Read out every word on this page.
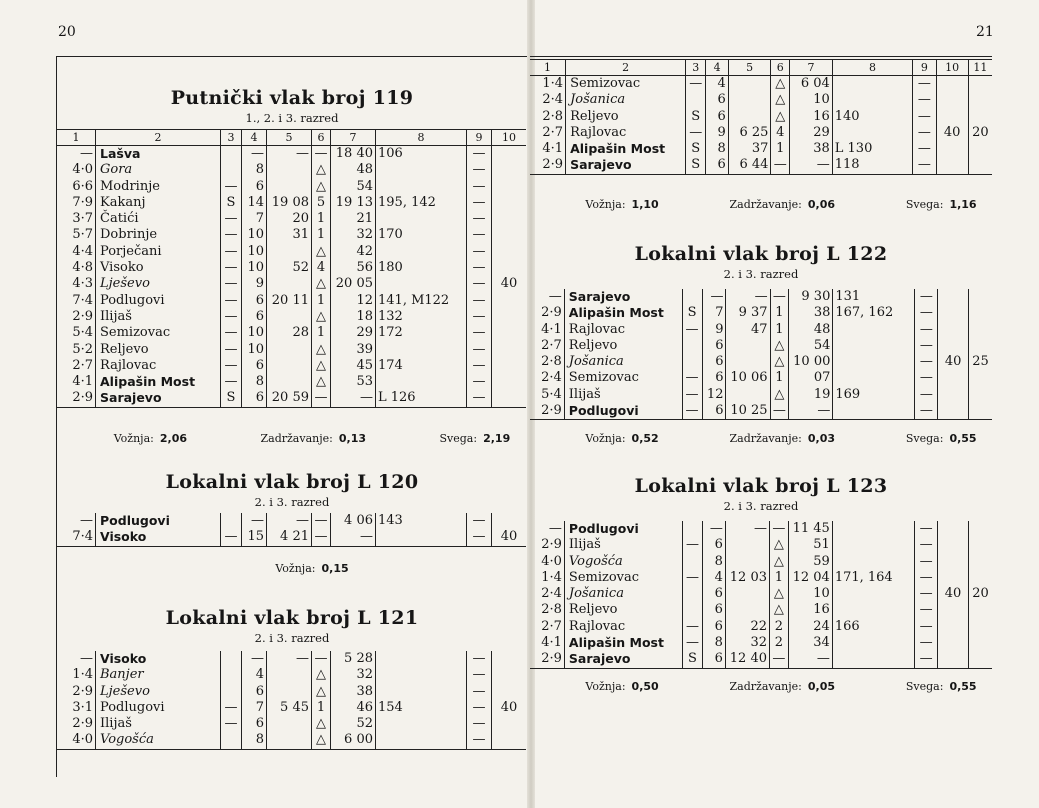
20	21
Putnički vlak broj 119
1., 2. i 3. razred
1	2	3	4	5	6	7	8	9	10
—	Lašva		—	—	—	18 40	106	—	
4·0	Gora		8		△	48		—	
6·6	Modrinje	—	6		△	54		—	
7·9	Kakanj	S	14	19 08	5	19 13	195, 142	—	
3·7	Čatići	—	7	20	1	21		—	
5·7	Dobrinje	—	10	31	1	32	170	—	
4·4	Porječani	—	10		△	42		—	
4·8	Visoko	—	10	52	4	56	180	—	
4·3	Lješevo	—	9		△	20 05		—	40
7·4	Podlugovi	—	6	20 11	1	12	141, M122	—	
2·9	Ilijaš	—	6		△	18	132	—	
5·4	Semizovac	—	10	28	1	29	172	—	
5·2	Reljevo	—	10		△	39		—	
2·7	Rajlovac	—	6		△	45	174	—	
4·1	Alipašin Most	—	8		△	53		—	
2·9	Sarajevo	S	6	20 59	—	—	L 126	—	
Vožnja: 2,06	Zadržavanje: 0,13	Svega: 2,19
Lokalni vlak broj L 120
2. i 3. razred
—	Podlugovi		—	—	—	4 06	143	—	
7·4	Visoko	—	15	4 21	—	—		—	40
Vožnja: 0,15
Lokalni vlak broj L 121
2. i 3. razred
—	Visoko		—	—	—	5 28		—	
1·4	Banjer		4		△	32		—	
2·9	Lješevo		6		△	38		—	
3·1	Podlugovi	—	7	5 45	1	46	154	—	40
2·9	Ilijaš	—	6		△	52		—	
4·0	Vogošća		8		△	6 00		—	
1	2	3	4	5	6	7	8	9	10	11
1·4	Semizovac	—	4		△	6 04		—		
2·4	Jošanica		6		△	10		—		
2·8	Reljevo	S	6		△	16	140	—		
2·7	Rajlovac	—	9	6 25	4	29		—	40	20
4·1	Alipašin Most	S	8	37	1	38	L 130	—		
2·9	Sarajevo	S	6	6 44	—	—	118	—		
Vožnja: 1,10	Zadržavanje: 0,06	Svega: 1,16
Lokalni vlak broj L 122
2. i 3. razred
—	Sarajevo		—	—	—	9 30	131	—		
2·9	Alipašin Most	S	7	9 37	1	38	167, 162	—		
4·1	Rajlovac	—	9	47	1	48		—		
2·7	Reljevo		6		△	54		—		
2·8	Jošanica		6		△	10 00		—	40	25
2·4	Semizovac	—	6	10 06	1	07		—		
5·4	Ilijaš	—	12		△	19	169	—		
2·9	Podlugovi	—	6	10 25	—	—		—		
Vožnja: 0,52	Zadržavanje: 0,03	Svega: 0,55
Lokalni vlak broj L 123
2. i 3. razred
—	Podlugovi		—	—	—	11 45		—		
2·9	Ilijaš	—	6		△	51		—		
4·0	Vogošća		8		△	59		—		
1·4	Semizovac	—	4	12 03	1	12 04	171, 164	—		
2·4	Jošanica		6		△	10		—	40	20
2·8	Reljevo		6		△	16		—		
2·7	Rajlovac	—	6	22	2	24	166	—		
4·1	Alipašin Most	—	8	32	2	34		—		
2·9	Sarajevo	S	6	12 40	—	—		—		
Vožnja: 0,50	Zadržavanje: 0,05	Svega: 0,55
